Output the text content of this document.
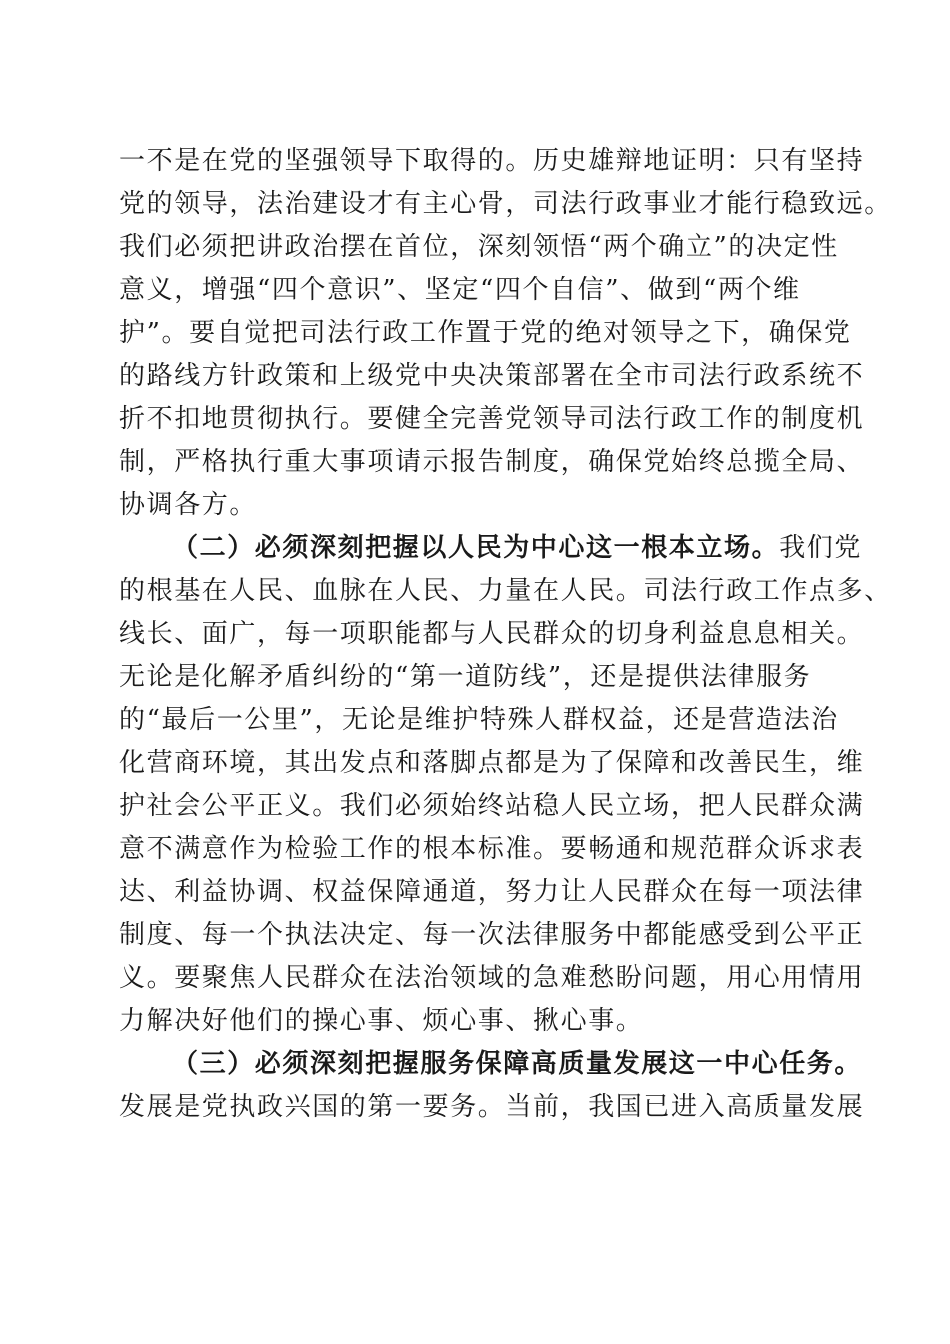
一不是在党的坚强领导下取得的。历史雄辩地证明：只有坚持
党的领导，法治建设才有主心骨，司法行政事业才能行稳致远。
我们必须把讲政治摆在首位，深刻领悟“两个确立”的决定性
意义，增强“四个意识”、坚定“四个自信”、做到“两个维
护”。要自觉把司法行政工作置于党的绝对领导之下，确保党
的路线方针政策和上级党中央决策部署在全市司法行政系统不
折不扣地贯彻执行。要健全完善党领导司法行政工作的制度机
制，严格执行重大事项请示报告制度，确保党始终总揽全局、
协调各方。
（二）必须深刻把握以人民为中心这一根本立场。我们党
的根基在人民、血脉在人民、力量在人民。司法行政工作点多、
线长、面广，每一项职能都与人民群众的切身利益息息相关。
无论是化解矛盾纠纷的“第一道防线”，还是提供法律服务
的“最后一公里”，无论是维护特殊人群权益，还是营造法治
化营商环境，其出发点和落脚点都是为了保障和改善民生，维
护社会公平正义。我们必须始终站稳人民立场，把人民群众满
意不满意作为检验工作的根本标准。要畅通和规范群众诉求表
达、利益协调、权益保障通道，努力让人民群众在每一项法律
制度、每一个执法决定、每一次法律服务中都能感受到公平正
义。要聚焦人民群众在法治领域的急难愁盼问题，用心用情用
力解决好他们的操心事、烦心事、揪心事。
（三）必须深刻把握服务保障高质量发展这一中心任务。
发展是党执政兴国的第一要务。当前，我国已进入高质量发展
